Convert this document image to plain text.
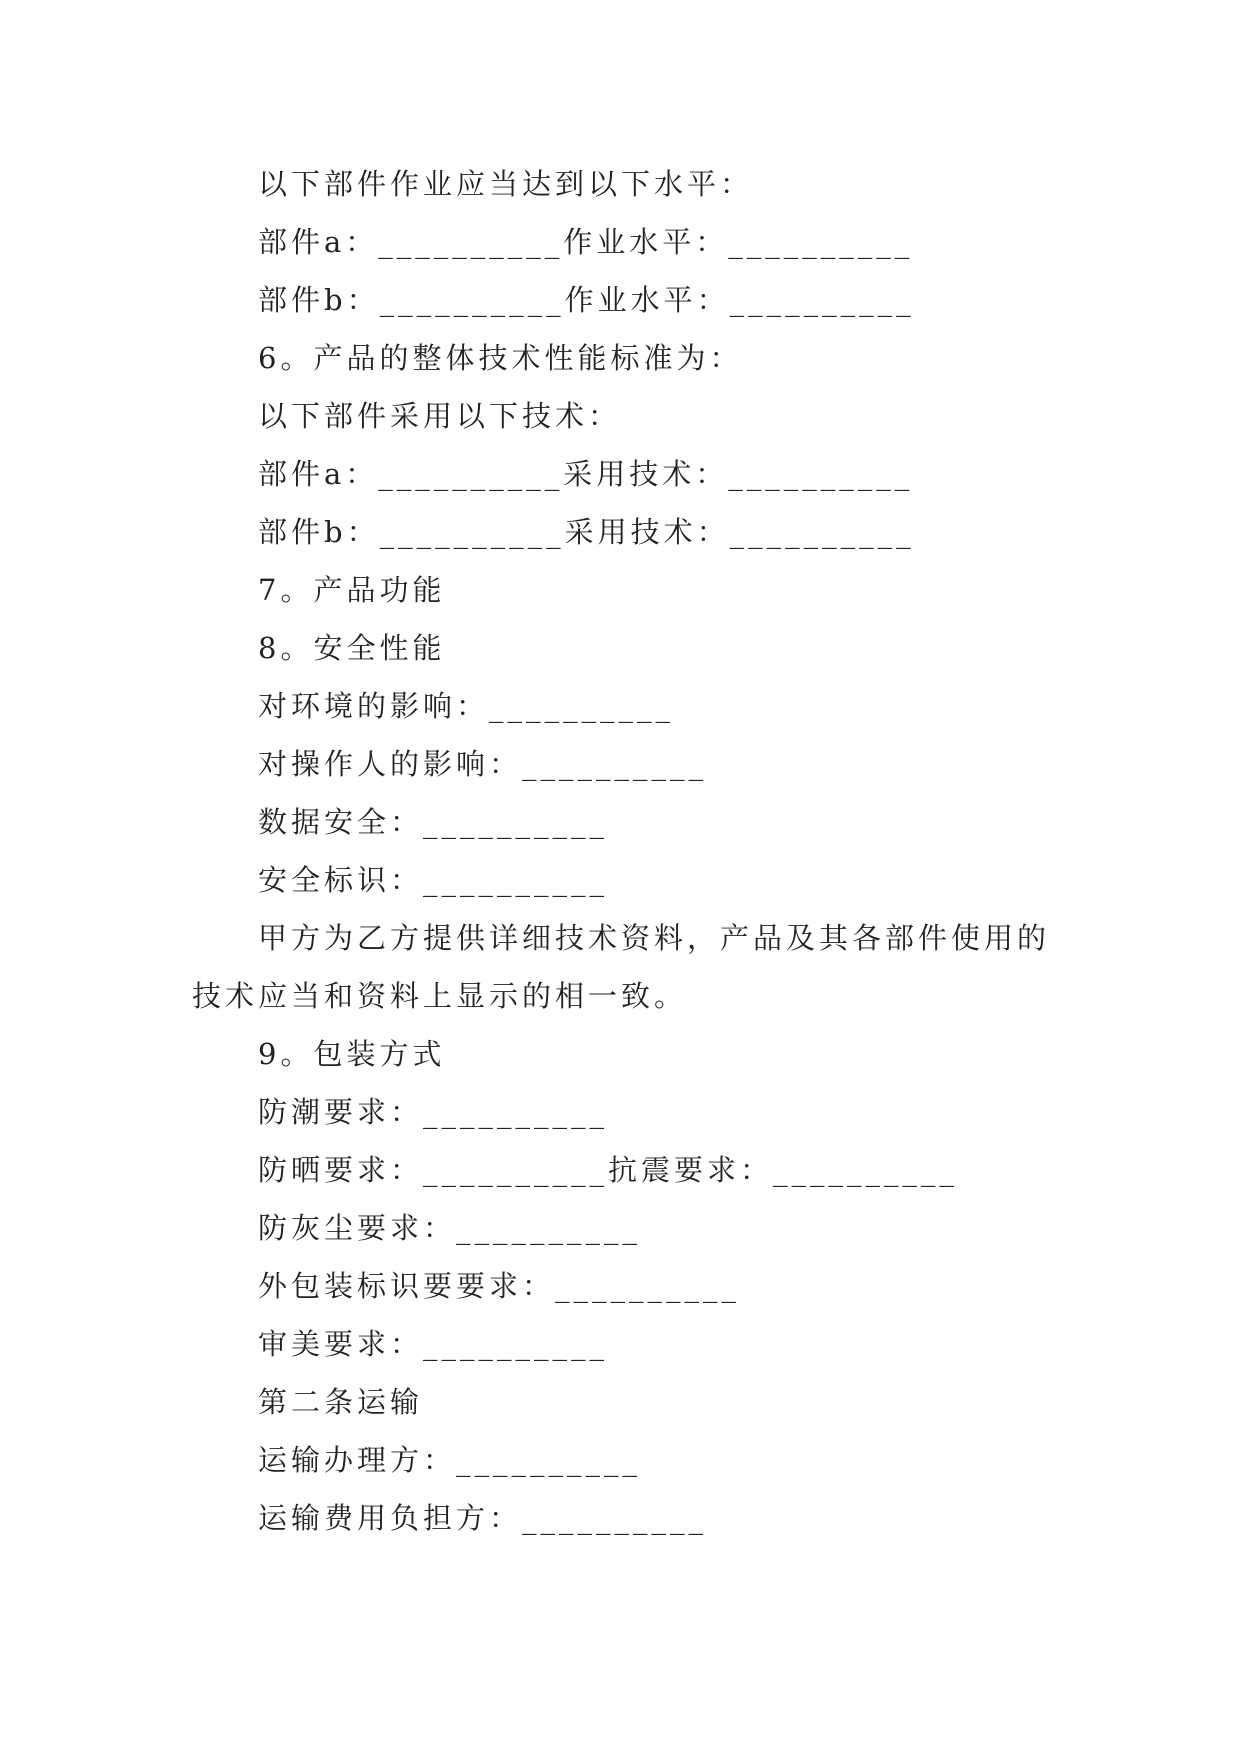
以下部件作业应当达到以下水平：
部件a：__________作业水平：__________
部件b：__________作业水平：__________
6。产品的整体技术性能标准为：
以下部件采用以下技术：
部件a：__________采用技术：__________
部件b：__________采用技术：__________
7。产品功能
8。安全性能
对环境的影响：__________
对操作人的影响：__________
数据安全：__________
安全标识：__________
甲方为乙方提供详细技术资料，产品及其各部件使用的
技术应当和资料上显示的相一致。
9。包装方式
防潮要求：__________
防晒要求：__________抗震要求：__________
防灰尘要求：__________
外包装标识要要求：__________
审美要求：__________
第二条运输
运输办理方：__________
运输费用负担方：__________
